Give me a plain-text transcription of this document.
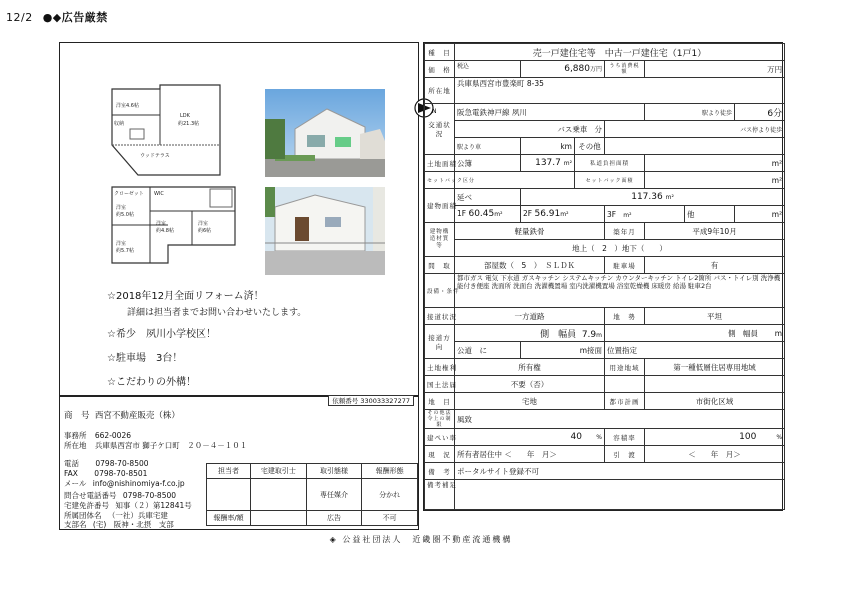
12/2 ●◆広告厳禁
洋室4.6帖
LDK
約21.3帖
収納
ウッドテラス
クローゼット
洋室
約5.0帖
WIC
洋室
約4.8帖
洋室
約6帖
洋室
約5.7帖
N
☆2018年12月全面リフォーム済！
詳細は担当者までお問い合わせいたします。
☆希少　夙川小学校区！
☆駐車場　3台！
☆こだわりの外構！
依頼番号 330033327277
商　号 西宮不動産販売（株）
事務所 662-0026
所在地 兵庫県西宮市 獅子ケ口町　２０－４－１０１
電話 0798-70-8500
FAX 0798-70-8501
メール info@nishinomiya-f.co.jp
問合せ電話番号 0798-70-8500
宅建免許番号 知事（２）第12841号
所属団体名 （一社）兵庫宅建
支部名 (宅)　阪神・北摂　支部
担当者	宅建取引士	取引態様	報酬形態
		専任媒介	分かれ
報酬率/額		広告	不可
種　目	売一戸建住宅等　中古一戸建住宅（1戸1）						
価　格	税込	6,880万円		うち消費税額	万円		
所在地	兵庫県西宮市豊楽町 8-35						
交通状況	阪急電鉄神戸線 夙川				駅より徒歩		6分
	バス乗車 分			バス停より徒歩			
	駅より車	km	その他				
土地面積	公簿	137.7 m²	私道負担面積		m²		
セットバック区分			セットバック面積		m²		
建物面積	延べ	117.36 m²					
	1F 60.45m²	2F 56.91m²		3F m²		他	m²
建物構造材質等	軽量鉄骨			築年月	平成9年10月		
	地上（　2　）地下（　　）						
間　取	部屋数（　5　）　ＳＬＤＫ			駐車場	有		
設備・条件	都市ガス 電気 下水道 ガスキッチン システムキッチン カウンターキッチン トイレ2箇所 バス・トイレ別 洗浄機能付き便座 洗面所 洗面台 洗濯機置場 室内洗濯機置場 浴室乾燥機 床暖房 給湯 駐車2台						
接道状況	一方道路			地　勢	平坦		
接道方向	側　幅員 7.9m			側　幅員 m			
	公道　に	m接面		位置指定			
土地権利	所有権			用途地域	第一種低層住居専用地域		
国土法届	不要（否）						
地　目	宅地			都市計画	市街化区域		
その他法令上の制限	風致						
建ぺい率	40 %			容積率	100 %		
現　況	所有者居住中 ＜　　年　月＞			引　渡	＜　　年　月＞		
備　考	ポータルサイト登録不可						
備考補足							
◈ 公益社団法人　近畿圏不動産流通機構
